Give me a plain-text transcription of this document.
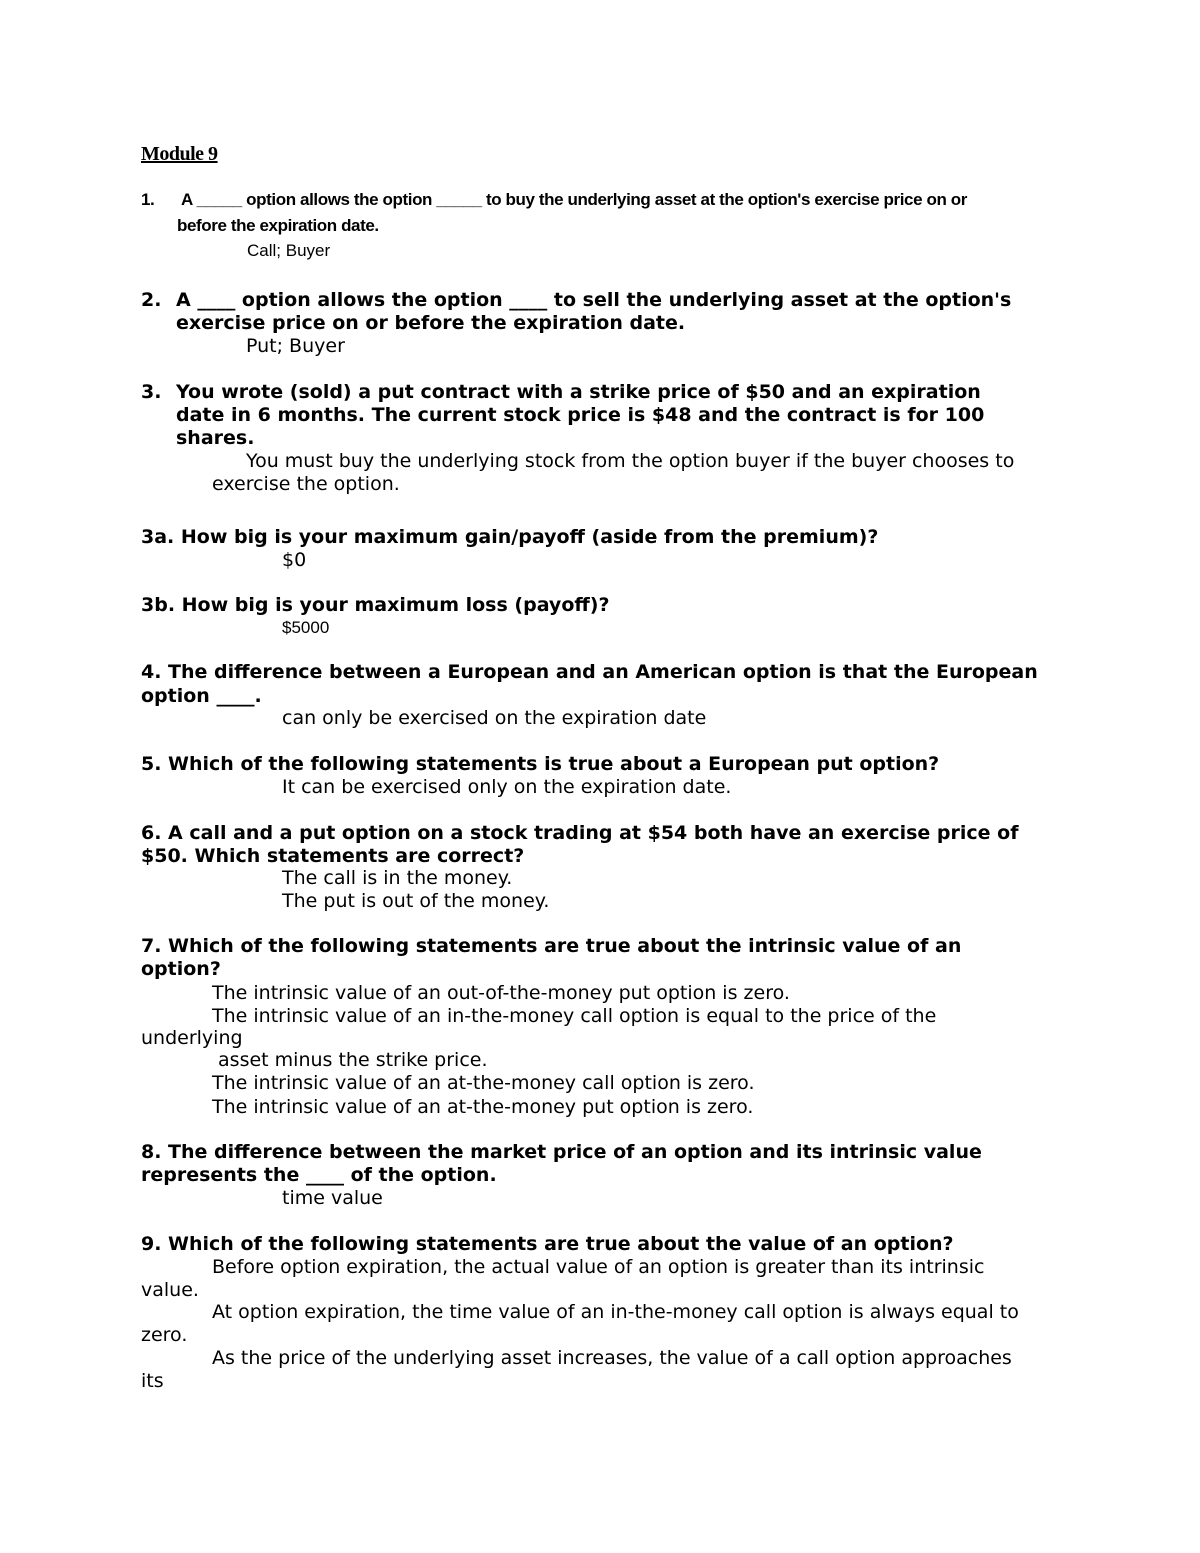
Module 9
1. A _____ option allows the option _____ to buy the underlying asset at the option's exercise price on or
before the expiration date.
Call; Buyer
2. A ____ option allows the option ____ to sell the underlying asset at the option's
exercise price on or before the expiration date.
Put; Buyer
3. You wrote (sold) a put contract with a strike price of $50 and an expiration
date in 6 months. The current stock price is $48 and the contract is for 100
shares.
You must buy the underlying stock from the option buyer if the buyer chooses to
exercise the option.
3a. How big is your maximum gain/payoff (aside from the premium)?
$0
3b. How big is your maximum loss (payoff)?
$5000
4. The difference between a European and an American option is that the European
option ____.
can only be exercised on the expiration date
5. Which of the following statements is true about a European put option?
It can be exercised only on the expiration date.
6. A call and a put option on a stock trading at $54 both have an exercise price of
$50. Which statements are correct?
The call is in the money.
The put is out of the money.
7. Which of the following statements are true about the intrinsic value of an
option?
The intrinsic value of an out-of-the-money put option is zero.
The intrinsic value of an in-the-money call option is equal to the price of the
underlying
asset minus the strike price.
The intrinsic value of an at-the-money call option is zero.
The intrinsic value of an at-the-money put option is zero.
8. The difference between the market price of an option and its intrinsic value
represents the ____ of the option.
time value
9. Which of the following statements are true about the value of an option?
Before option expiration, the actual value of an option is greater than its intrinsic
value.
At option expiration, the time value of an in-the-money call option is always equal to
zero.
As the price of the underlying asset increases, the value of a call option approaches
its
